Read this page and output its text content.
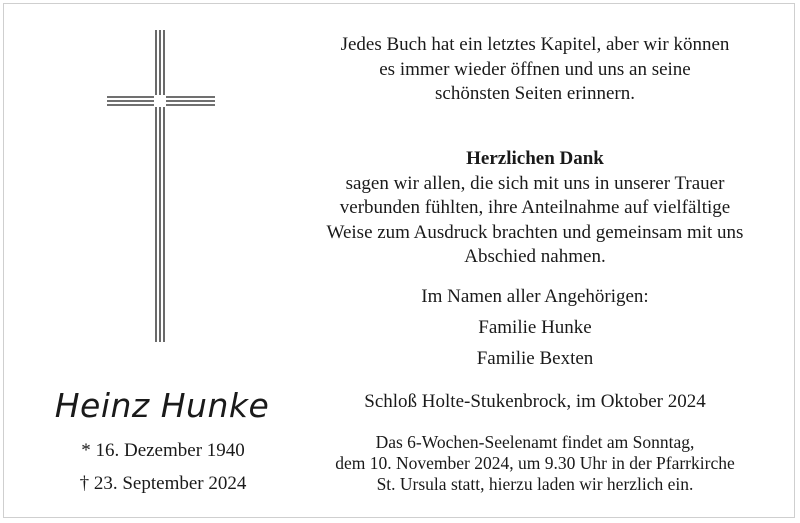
Jedes Buch hat ein letztes Kapitel, aber wir können
es immer wieder öffnen und uns an seine
schönsten Seiten erinnern.
Herzlichen Dank
sagen wir allen, die sich mit uns in unserer Trauer
verbunden fühlten, ihre Anteilnahme auf vielfältige
Weise zum Ausdruck brachten und gemeinsam mit uns
Abschied nahmen.
Im Namen aller Angehörigen:
Familie Hunke
Familie Bexten
Schloß Holte-Stukenbrock, im Oktober 2024
Das 6-Wochen-Seelenamt findet am Sonntag,
dem 10. November 2024, um 9.30 Uhr in der Pfarrkirche
St. Ursula statt, hierzu laden wir herzlich ein.
Heinz Hunke
* 16. Dezember 1940
† 23. September 2024
